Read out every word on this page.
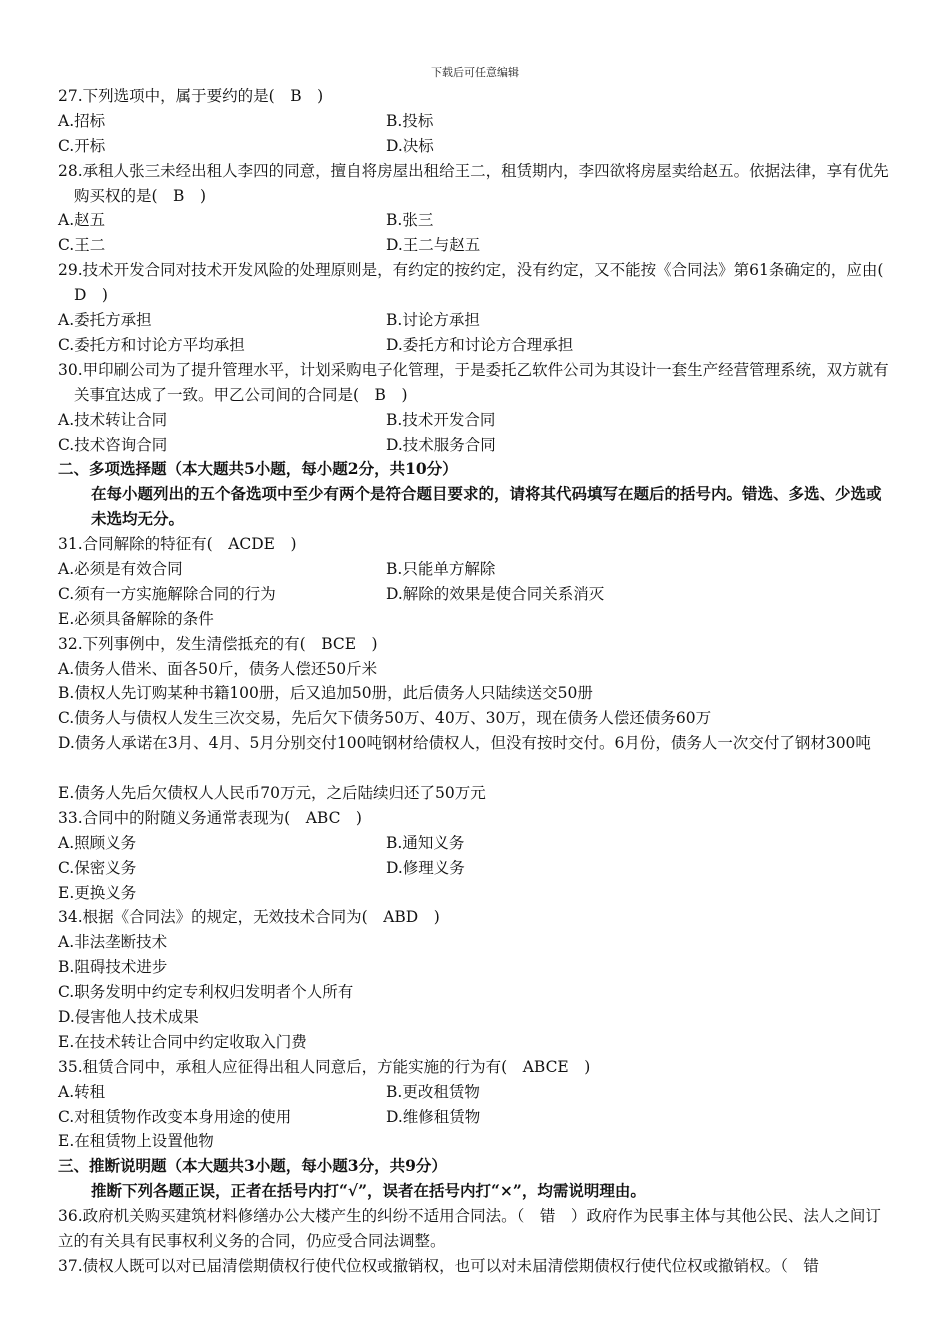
下载后可任意编辑
27.下列选项中，属于要约的是(　B　)
A.招标	B.投标
C.开标	D.决标
28.承租人张三未经出租人李四的同意，擅自将房屋出租给王二，租赁期内，李四欲将房屋卖给赵五。依据法律，享有优先购买权的是(　B　)
A.赵五	B.张三
C.王二	D.王二与赵五
29.技术开发合同对技术开发风险的处理原则是，有约定的按约定，没有约定，又不能按《合同法》第61条确定的，应由(　D　)
A.委托方承担	B.讨论方承担
C.委托方和讨论方平均承担	D.委托方和讨论方合理承担
30.甲印刷公司为了提升管理水平，计划采购电子化管理，于是委托乙软件公司为其设计一套生产经营管理系统，双方就有关事宜达成了一致。甲乙公司间的合同是(　B　)
A.技术转让合同	B.技术开发合同
C.技术咨询合同	D.技术服务合同
二、多项选择题（本大题共5小题，每小题2分，共10分）
在每小题列出的五个备选项中至少有两个是符合题目要求的，请将其代码填写在题后的括号内。错选、多选、少选或未选均无分。
31.合同解除的特征有(　ACDE　)
A.必须是有效合同	B.只能单方解除
C.须有一方实施解除合同的行为	D.解除的效果是使合同关系消灭
E.必须具备解除的条件
32.下列事例中，发生清偿抵充的有(　BCE　)
A.债务人借米、面各50斤，债务人偿还50斤米
B.债权人先订购某种书籍100册，后又追加50册，此后债务人只陆续送交50册
C.债务人与债权人发生三次交易，先后欠下债务50万、40万、30万，现在债务人偿还债务60万
D.债务人承诺在3月、4月、5月分别交付100吨钢材给债权人，但没有按时交付。6月份，债务人一次交付了钢材300吨
E.债务人先后欠债权人人民币70万元，之后陆续归还了50万元
33.合同中的附随义务通常表现为(　ABC　)
A.照顾义务	B.通知义务
C.保密义务	D.修理义务
E.更换义务
34.根据《合同法》的规定，无效技术合同为(　ABD　)
A.非法垄断技术
B.阻碍技术进步
C.职务发明中约定专利权归发明者个人所有
D.侵害他人技术成果
E.在技术转让合同中约定收取入门费
35.租赁合同中，承租人应征得出租人同意后，方能实施的行为有(　ABCE　)
A.转租	B.更改租赁物
C.对租赁物作改变本身用途的使用	D.维修租赁物
E.在租赁物上设置他物
三、推断说明题（本大题共3小题，每小题3分，共9分）
推断下列各题正误，正者在括号内打“√”，误者在括号内打“×”，均需说明理由。
36.政府机关购买建筑材料修缮办公大楼产生的纠纷不适用合同法。（　错　）政府作为民事主体与其他公民、法人之间订立的有关具有民事权利义务的合同，仍应受合同法调整。
37.债权人既可以对已届清偿期债权行使代位权或撤销权，也可以对未届清偿期债权行使代位权或撤销权。（　错
